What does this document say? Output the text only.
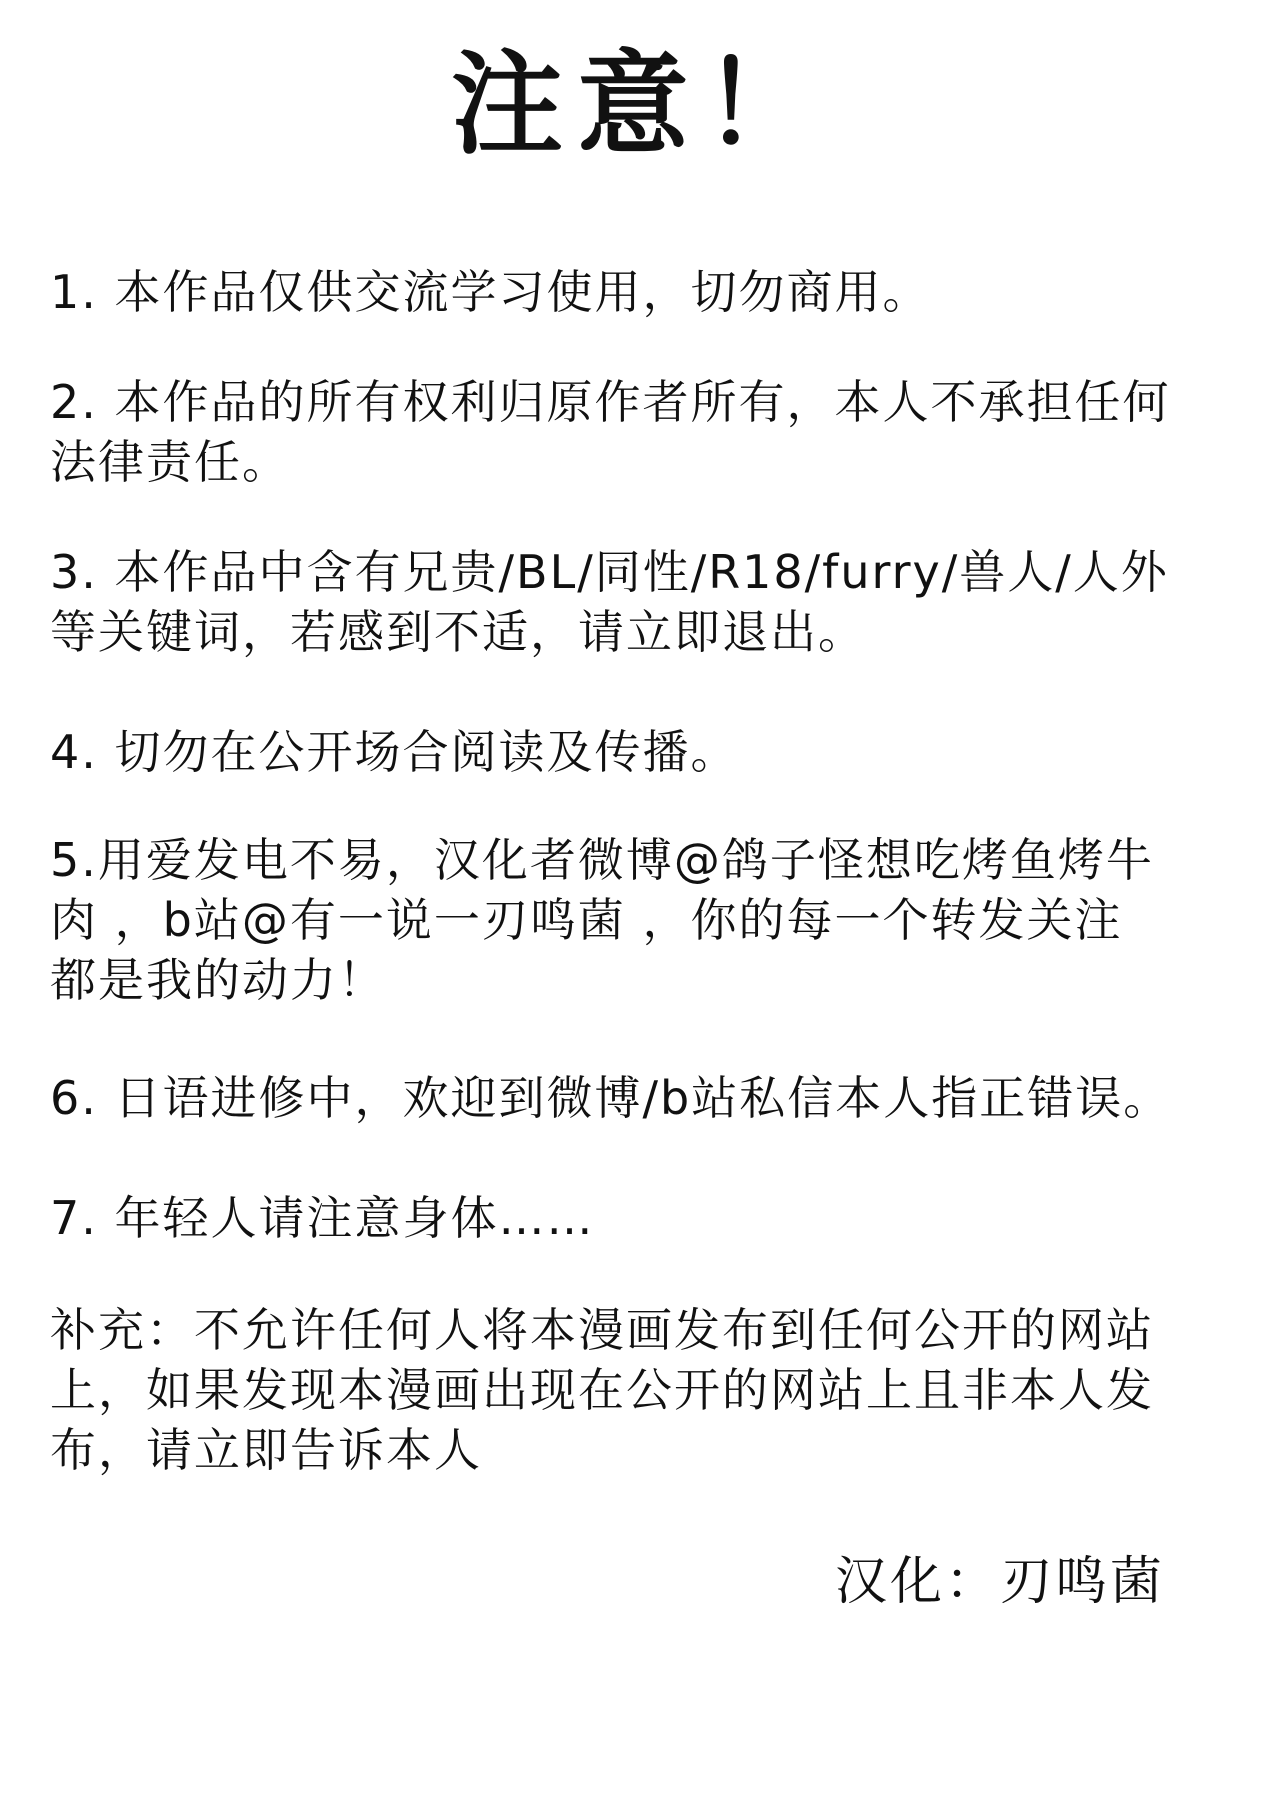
注意！
1. 本作品仅供交流学习使用，切勿商用。
2. 本作品的所有权利归原作者所有，本人不承担任何
法律责任。
3. 本作品中含有兄贵/BL/同性/R18/furry/兽人/人外
等关键词，若感到不适，请立即退出。
4. 切勿在公开场合阅读及传播。
5.用爱发电不易，汉化者微博@鸽子怪想吃烤鱼烤牛
肉 ，b站@有一说一刃鸣菌 ，你的每一个转发关注
都是我的动力！
6. 日语进修中，欢迎到微博/b站私信本人指正错误。
7. 年轻人请注意身体……
补充：不允许任何人将本漫画发布到任何公开的网站
上，如果发现本漫画出现在公开的网站上且非本人发
布，请立即告诉本人
汉化：刃鸣菌
